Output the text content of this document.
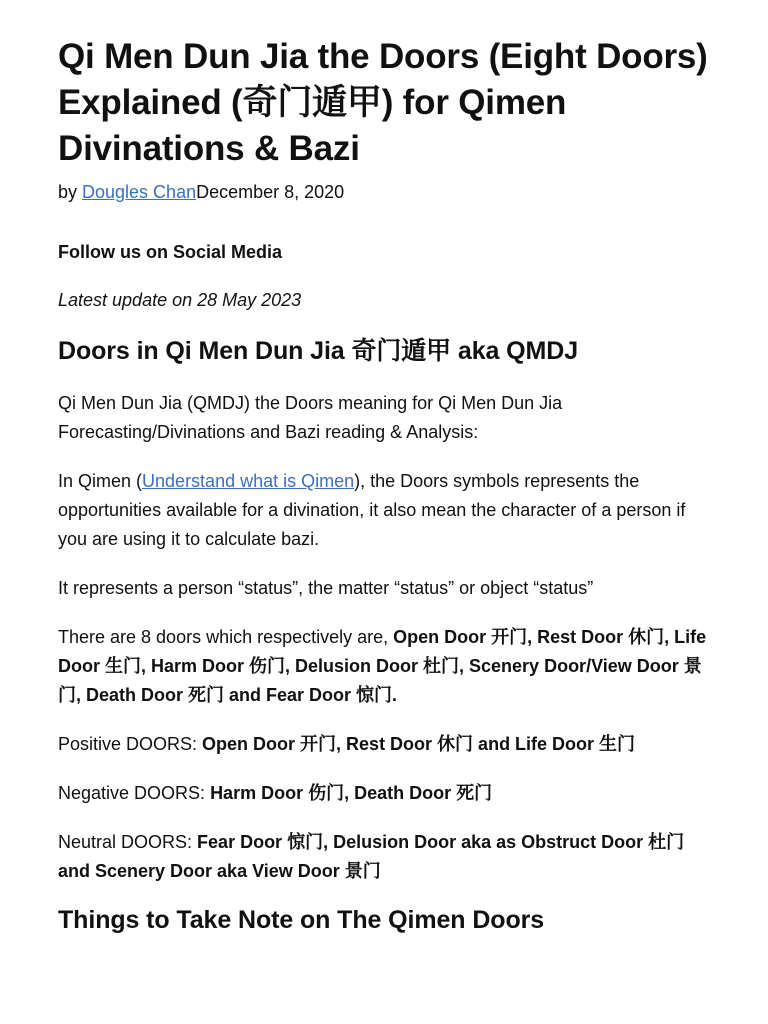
Qi Men Dun Jia the Doors (Eight Doors) Explained (奇门遁甲) for Qimen Divinations & Bazi
by Dougles ChanDecember 8, 2020
Follow us on Social Media
Latest update on 28 May 2023
Doors in Qi Men Dun Jia 奇门遁甲 aka QMDJ

Qi Men Dun Jia (QMDJ) the Doors meaning for Qi Men Dun Jia Forecasting/Divinations and Bazi reading & Analysis:

In Qimen (Understand what is Qimen), the Doors symbols represents the opportunities available for a divination, it also mean the character of a person if you are using it to calculate bazi.

It represents a person “status”, the matter “status” or object “status”

There are 8 doors which respectively are, Open Door 开门, Rest Door 休门, Life Door 生门, Harm Door 伤门, Delusion Door 杜门, Scenery Door/View Door 景门, Death Door 死门 and Fear Door 惊门.

Positive DOORS: Open Door 开门, Rest Door 休门 and Life Door 生门

Negative DOORS: Harm Door 伤门, Death Door 死门

Neutral DOORS: Fear Door 惊门, Delusion Door aka as Obstruct Door 杜门 and Scenery Door aka View Door 景门

Things to Take Note on The Qimen Doors
